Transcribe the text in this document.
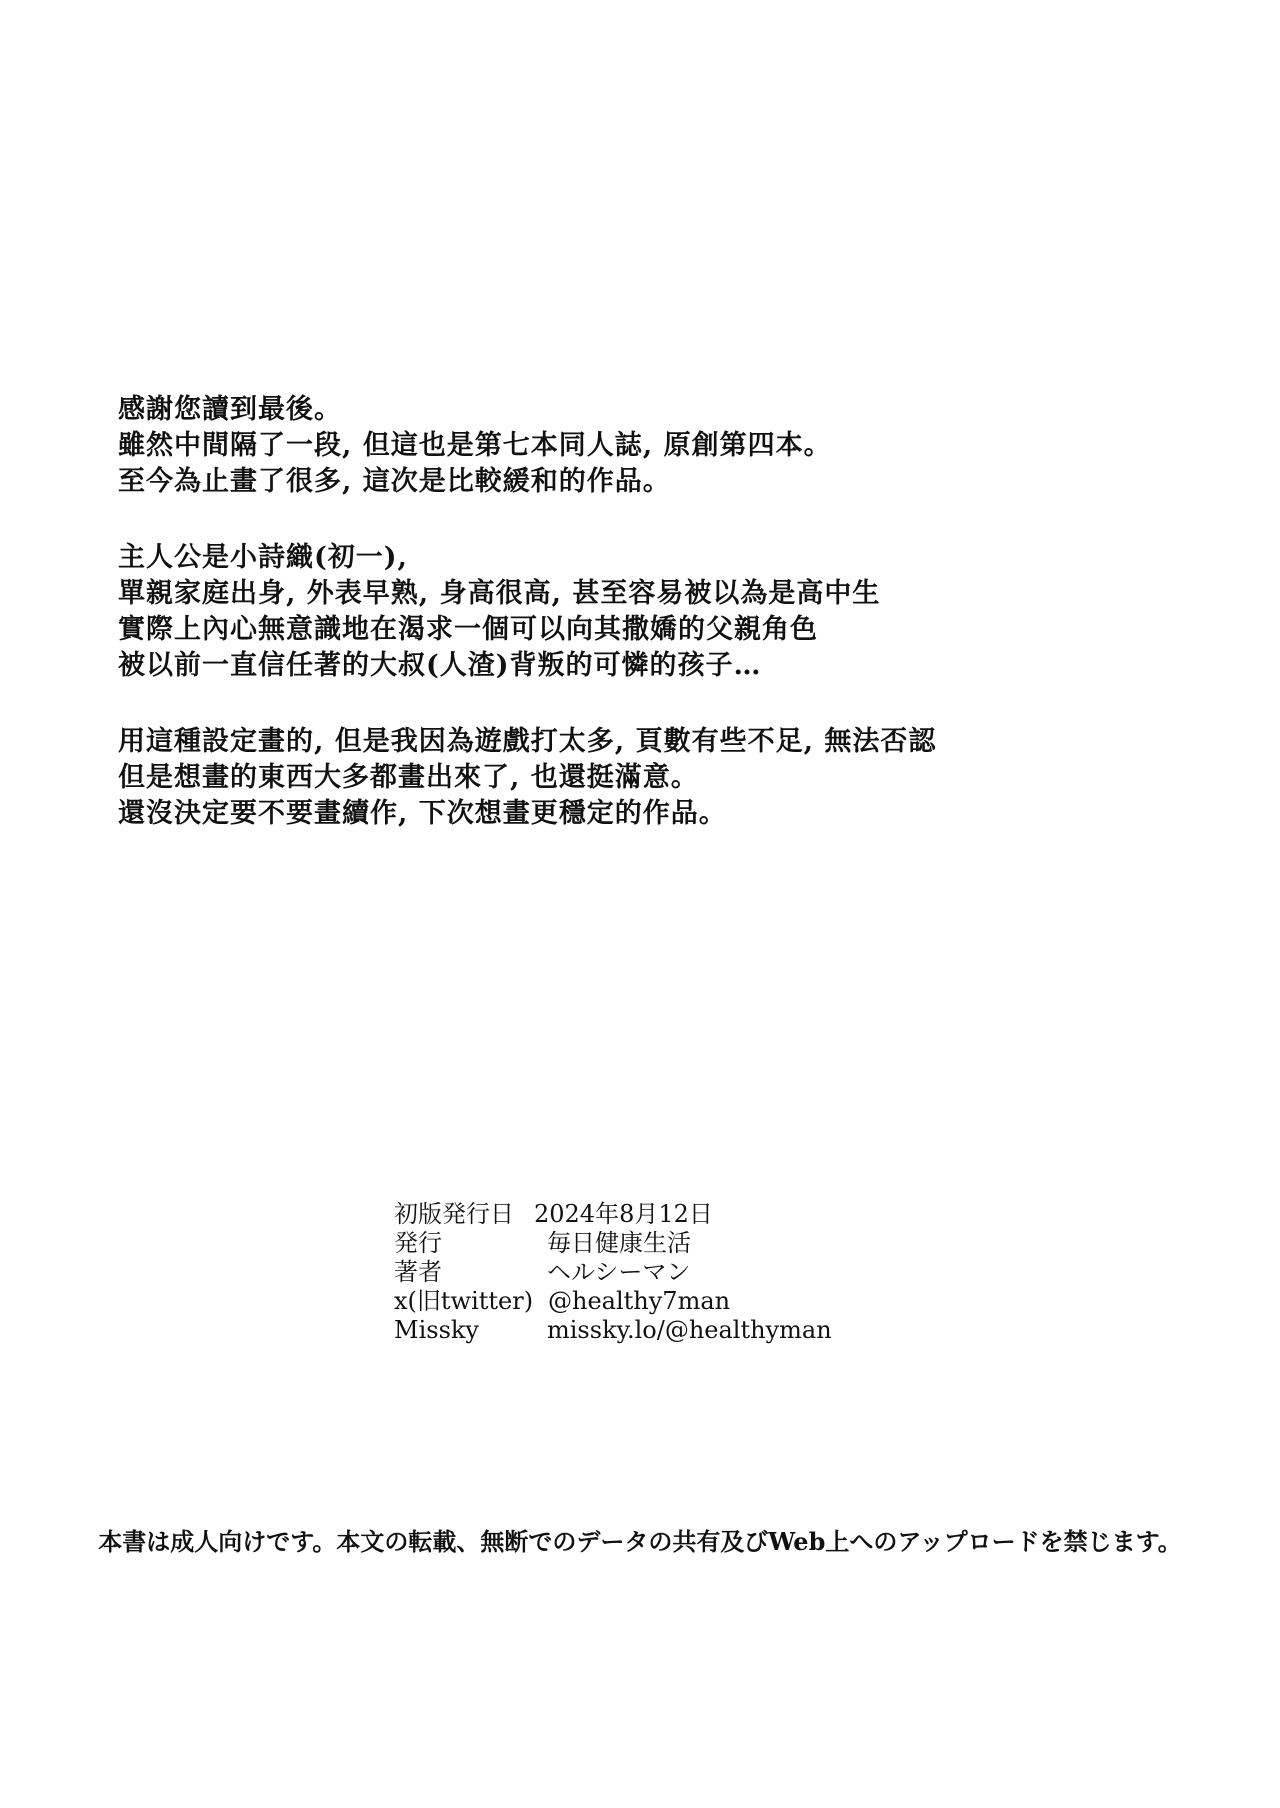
感謝您讀到最後。
雖然中間隔了一段, 但這也是第七本同人誌, 原創第四本。
至今為止畫了很多, 這次是比較緩和的作品。
主人公是小詩織(初一),
單親家庭出身, 外表早熟, 身高很高, 甚至容易被以為是高中生
實際上內心無意識地在渴求一個可以向其撒嬌的父親角色
被以前一直信任著的大叔(人渣)背叛的可憐的孩子…
用這種設定畫的, 但是我因為遊戲打太多, 頁數有些不足, 無法否認
但是想畫的東西大多都畫出來了, 也還挺滿意。
還沒決定要不要畫續作, 下次想畫更穩定的作品。
初版発行日 2024年8月12日
発行	毎日健康生活
著者	ヘルシーマン
x(旧twitter) @healthy7man
Missky	missky.lo/@healthyman
本書は成人向けです。本文の転載、無断でのデータの共有及びWeb上へのアップロードを禁じます。
